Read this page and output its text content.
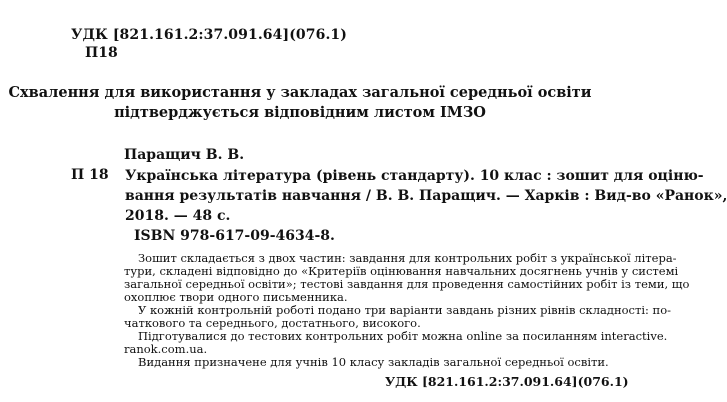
УДК [821.161.2:37.091.64](076.1)
П18
Схвалення для використання у закладах загальної середньої освіти
підтверджується відповідним листом ІМЗО
Паращич В. В.
П 18 Українська література (рівень стандарту). 10 клас : зошит для оціню-
вання результатів навчання / В. В. Паращич. — Харків : Вид-во «Ранок»,
2018. — 48 с.
ISBN 978-617-09-4634-8.
Зошит складається з двох частин: завдання для контрольних робіт з української літера-
тури, складені відповідно до «Критеріїв оцінювання навчальних досягнень учнів у системі
загальної середньої освіти»; тестові завдання для проведення самостійних робіт із теми, що
охоплює твори одного письменника.
У кожній контрольній роботі подано три варіанти завдань різних рівнів складності: по-
чаткового та середнього, достатнього, високого.
Підготувалися до тестових контрольних робіт можна online за посиланням interactive.
ranok.com.ua.
Видання призначене для учнів 10 класу закладів загальної середньої освіти.
УДК [821.161.2:37.091.64](076.1)
